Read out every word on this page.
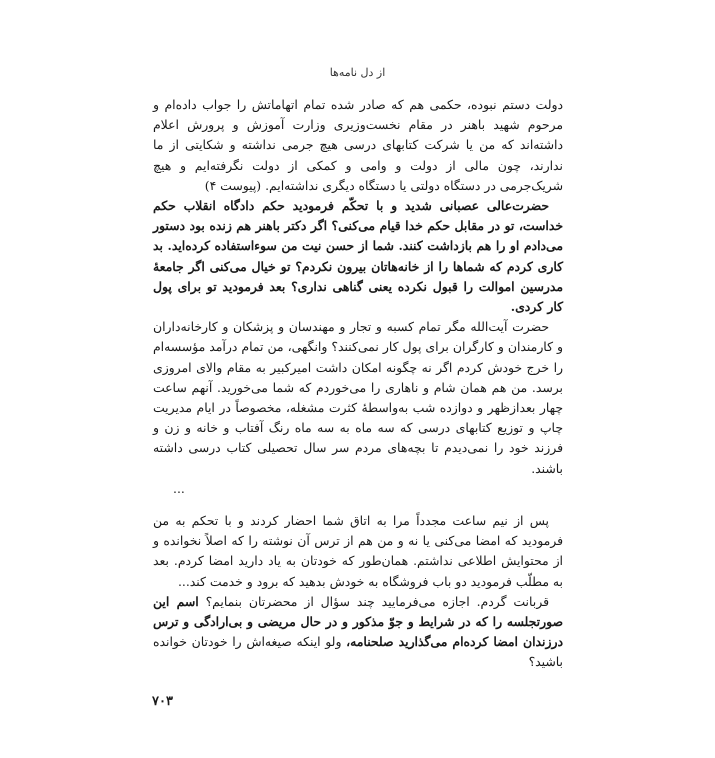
از دل نامه‌ها

دولت دستم نبوده، حکمی هم که صادر شده تمام اتهاماتش را جواب دادەام و مرحوم شهید باهنر در مقام نخست‌وزیری وزارت آموزش و پرورش اعلام داشته‌اند که من یا شرکت کتابهای درسی هیچ جرمی نداشته و شکایتی از ما ندارند، چون مالی از دولت و وامی و کمکی از دولت نگرفته‌ایم و هیچ شریک‌جرمی در دستگاه دولتی یا دستگاه دیگری نداشته‌ایم. (پیوست ۴)

حضرت‌عالی عصبانی شدید و با تحکّم فرمودید حکم دادگاه انقلاب حکم خداست، تو در مقابل حکم خدا قیام می‌کنی؟ اگر دکتر باهنر هم زنده بود دستور می‌دادم او را هم بازداشت کنند. شما از حسن نیت من سوءاستفاده کرده‌اید. بد کاری کردم که شماها را از خانه‌هاتان بیرون نکردم؟ تو خیال می‌کنی اگر جامعهٔ مدرسین اموالت را قبول نکرده یعنی گناهی نداری؟ بعد فرمودید تو برای پول کار کردی.

حضرت آیت‌الله مگر تمام کسبه و تجار و مهندسان و پزشکان و کارخانه‌داران و کارمندان و کارگران برای پول کار نمی‌کنند؟ وانگهی، من تمام درآمد مؤسسه‌ام را خرج خودش کردم اگر نه چگونه امکان داشت امیرکبیر به مقام والای امروزی برسد. من هم همان شام و ناهاری را می‌خوردم که شما می‌خورید. آنهم ساعت چهار بعدازظهر و دوازده شب به‌واسطهٔ کثرت مشغله، مخصوصاً در ایام مدیریت چاپ و توزیع کتابهای درسی که سه ماه به سه ماه رنگ آفتاب و خانه و زن و فرزند خود را نمی‌دیدم تا بچه‌های مردم سر سال تحصیلی کتاب درسی داشته باشند.

...

پس از نیم ساعت مجدداً مرا به اتاق شما احضار کردند و با تحکم به من فرمودید که امضا می‌کنی یا نه و من هم از ترس آن نوشته را که اصلاً نخوانده و از محتوایش اطلاعی نداشتم. همان‌طور که خودتان به یاد دارید امضا کردم. بعد به مطلّب فرمودید دو باب فروشگاه به خودش بدهید که برود و خدمت کند...

قربانت گردم. اجازه می‌فرمایید چند سؤال از محضرتان بنمایم؟ اسم این صورتجلسه را که در شرایط و جوّ مذکور و در حال مریضی و بی‌ارادگی و ترس درزندان امضا کرده‌ام می‌گذارید صلحنامه، ولو اینکه صیغه‌اش را خودتان خوانده باشید؟

۷۰۳
